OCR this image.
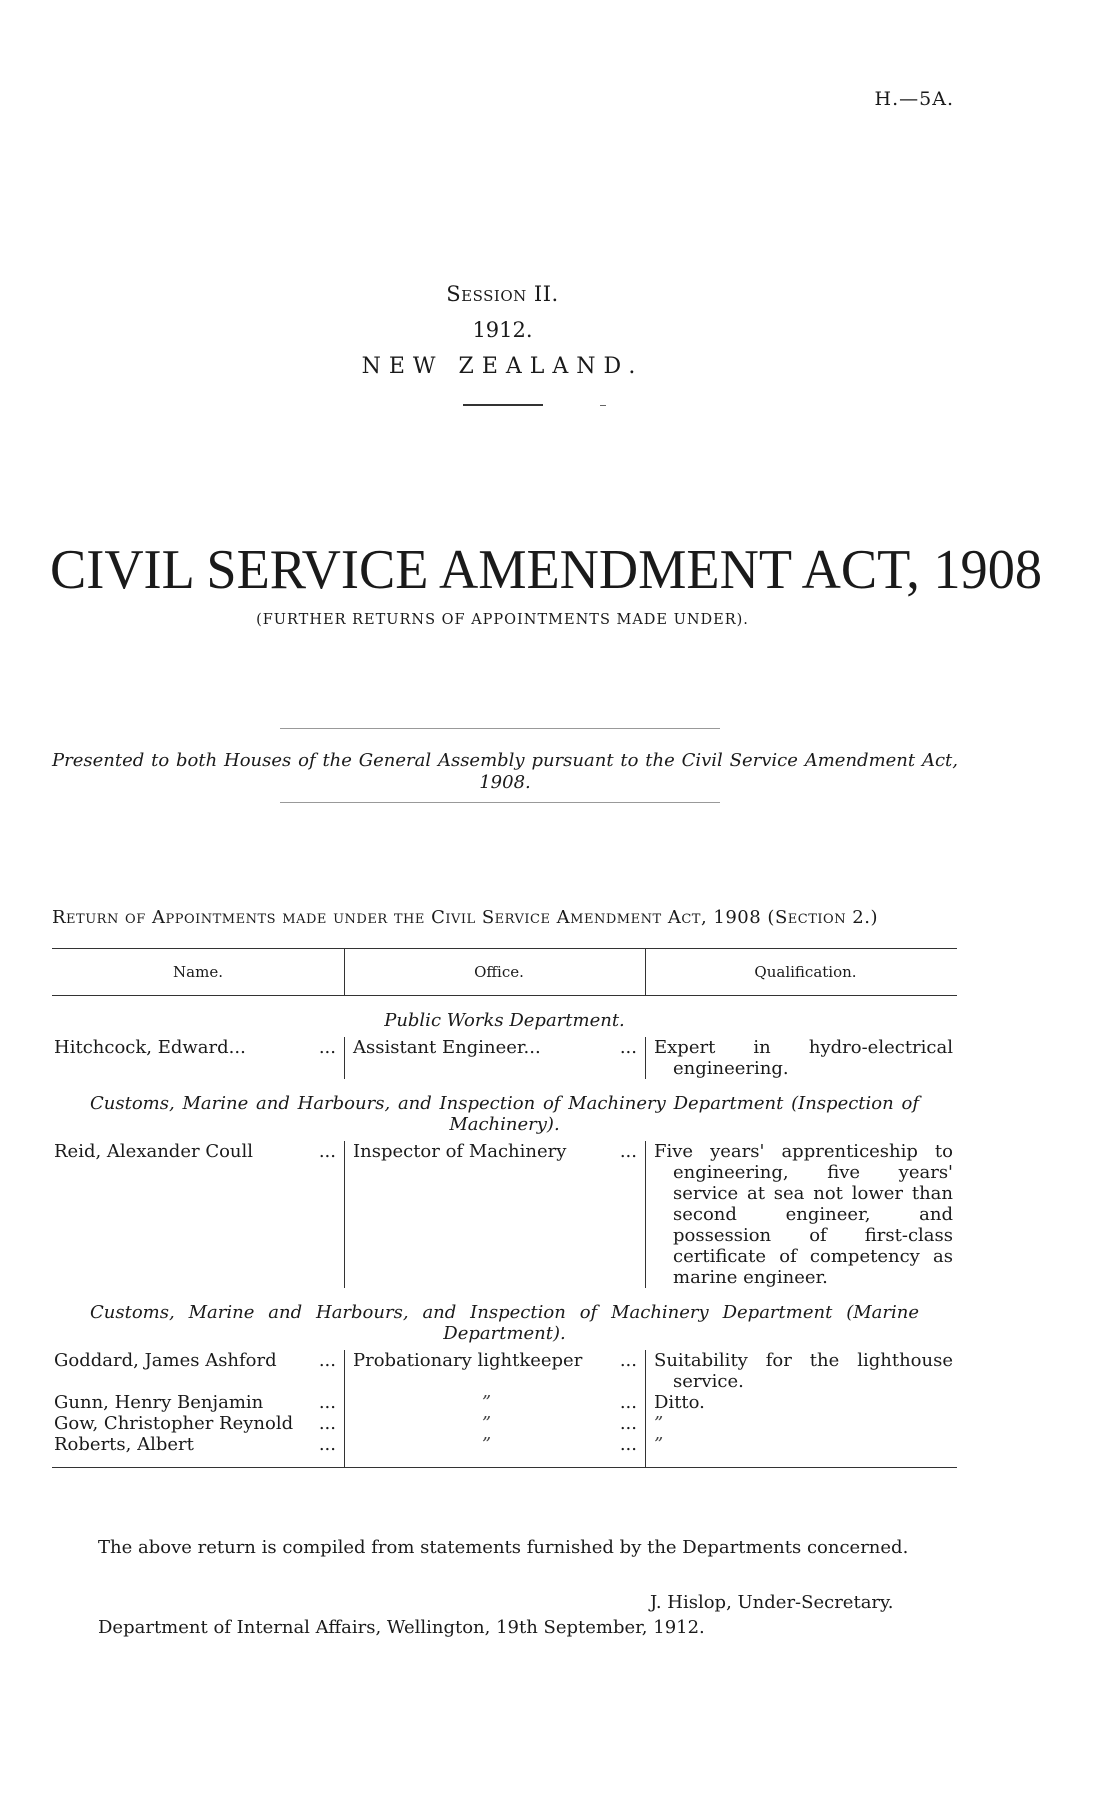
H.—5A.
Session II.
1912.
NEW ZEALAND.
CIVIL SERVICE AMENDMENT ACT, 1908
(FURTHER RETURNS OF APPOINTMENTS MADE UNDER).
Presented to both Houses of the General Assembly pursuant to the Civil Service Amendment Act, 1908.
Return of Appointments made under the Civil Service Amendment Act, 1908 (Section 2.)
Name.	Office.	Qualification.
Public Works Department.		

Hitchcock, Edward... ...	Assistant Engineer... ...	Expert in hydro-electrical engineering.
Customs, Marine and Harbours, and Inspection of Machinery Department (Inspection of Machinery).		

Reid, Alexander Coull ...	Inspector of Machinery ...	Five years' apprenticeship to engineering, five years' service at sea not lower than second engineer, and possession of first-class certificate of competency as marine engineer.
Customs, Marine and Harbours, and Inspection of Machinery Department (Marine Department).		

Goddard, James Ashford ...	Probationary lightkeeper ...	Suitability for the lighthouse service.

Gunn, Henry Benjamin ...	” ...	Ditto.

Gow, Christopher Reynold ...	” ...	”

Roberts, Albert ...	” ...	”

The above return is compiled from statements furnished by the Departments concerned.
J. Hislop, Under-Secretary.
Department of Internal Affairs, Wellington, 19th September, 1912.
